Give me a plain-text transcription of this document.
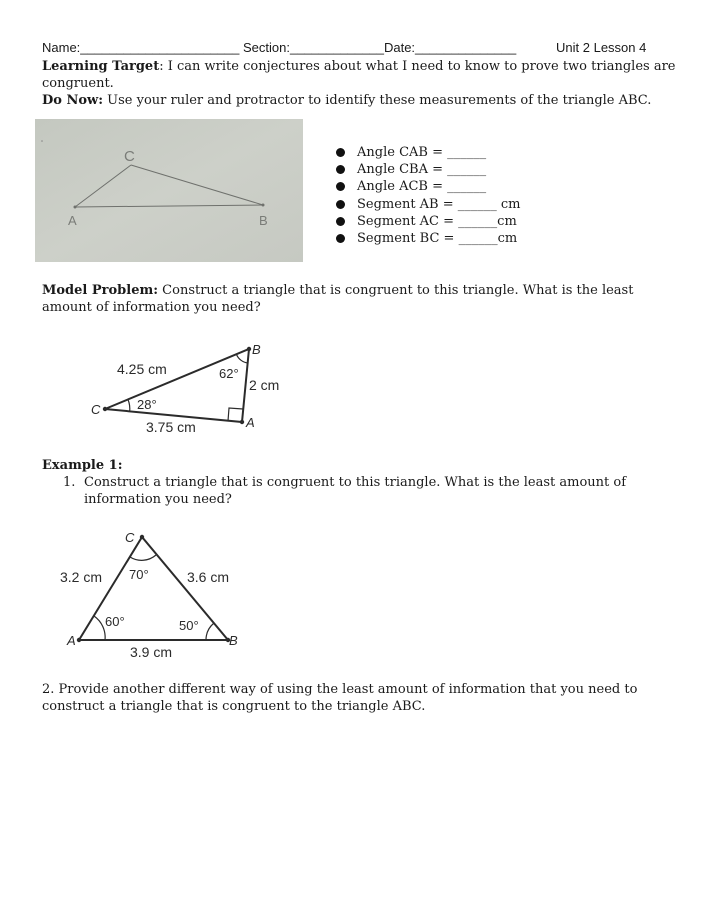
Name:______________________ Section:_____________Date:______________	Unit 2 Lesson 4
Learning Target: I can write conjectures about what I need to know to prove two triangles are
congruent.
Do Now: Use your ruler and protractor to identify these measurements of the triangle ABC.
C
A	B
Angle CAB = ______
Angle CBA = ______
Angle ACB = ______
Segment AB = ______ cm
Segment AC = ______cm
Segment BC = ______cm
Model Problem: Construct a triangle that is congruent to this triangle. What is the least
amount of information you need?
4.25 cm
2 cm
3.75 cm
62°
28°
B
C
A
Example 1:
1. Construct a triangle that is congruent to this triangle. What is the least amount of
information you need?
3.2 cm	3.6 cm
3.9 cm
70°
60°	50°
C
A	B
2. Provide another different way of using the least amount of information that you need to
construct a triangle that is congruent to the triangle ABC.
